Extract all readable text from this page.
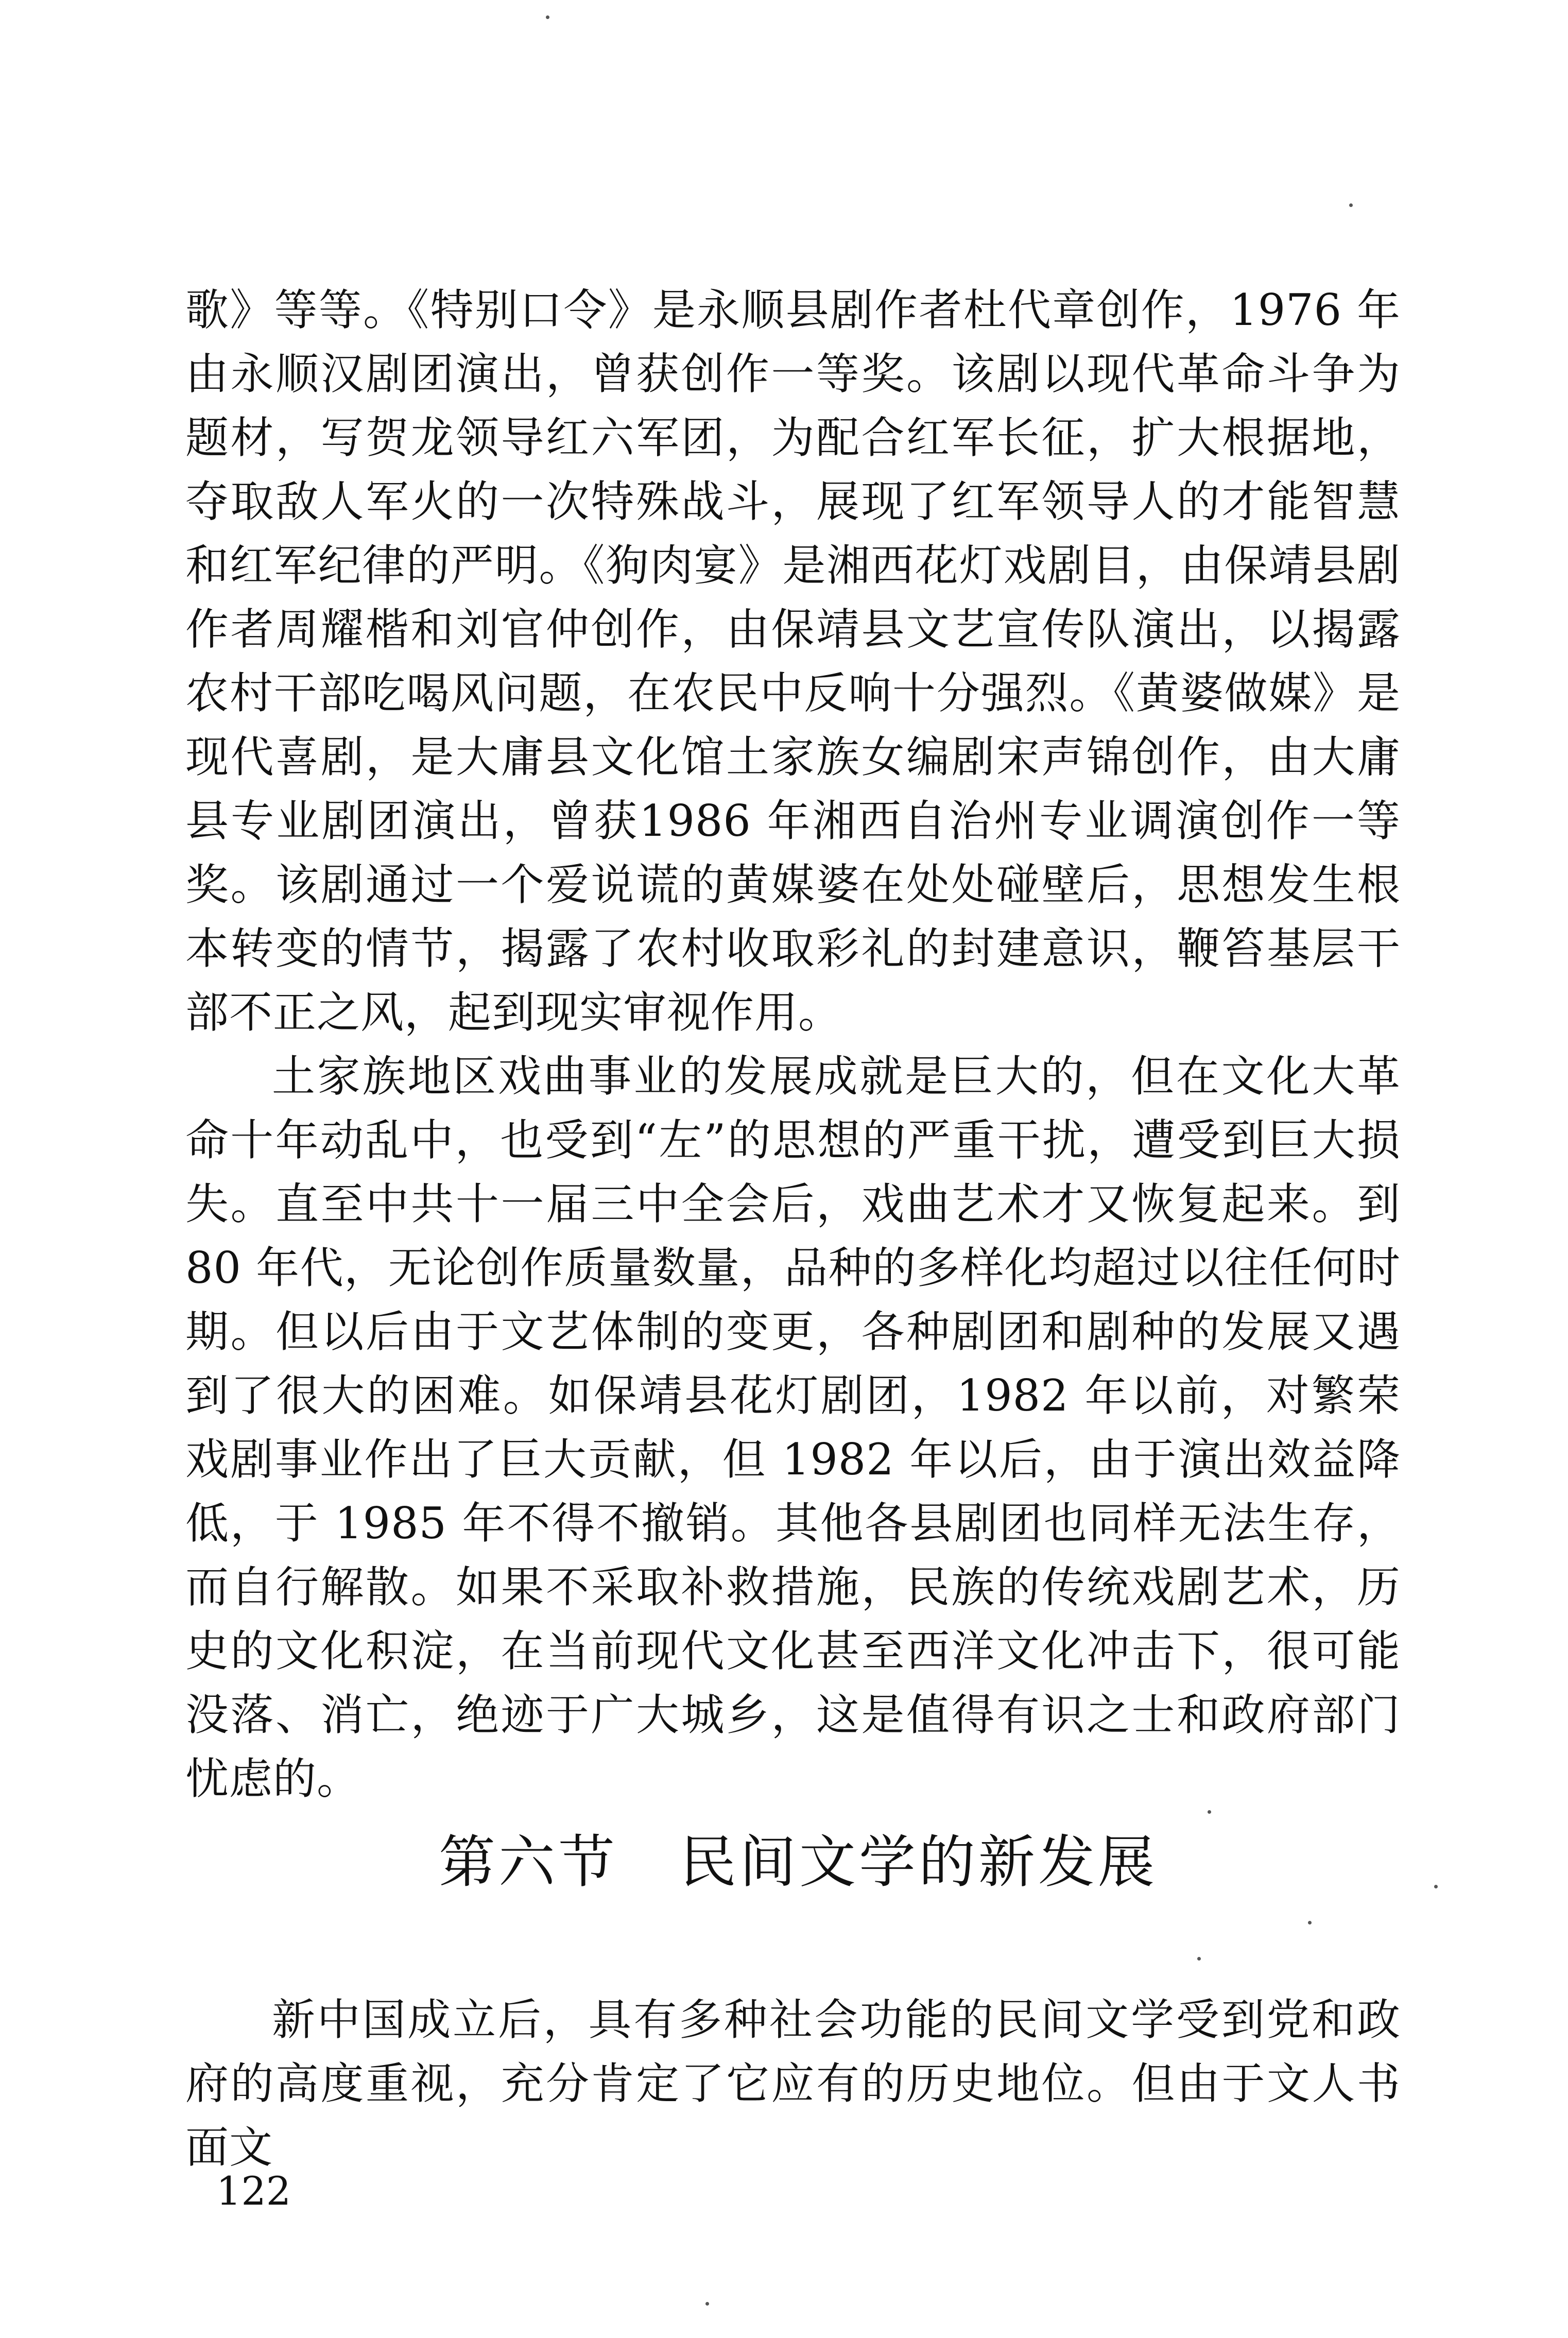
歌》等等。《特别口令》是永顺县剧作者杜代章创作，1976 年由永顺汉剧团演出，曾获创作一等奖。该剧以现代革命斗争为题材，写贺龙领导红六军团，为配合红军长征，扩大根据地，夺取敌人军火的一次特殊战斗，展现了红军领导人的才能智慧和红军纪律的严明。《狗肉宴》是湘西花灯戏剧目，由保靖县剧作者周耀楷和刘官仲创作，由保靖县文艺宣传队演出，以揭露农村干部吃喝风问题，在农民中反响十分强烈。《黄婆做媒》是现代喜剧，是大庸县文化馆土家族女编剧宋声锦创作，由大庸县专业剧团演出，曾获1986 年湘西自治州专业调演创作一等奖。该剧通过一个爱说谎的黄媒婆在处处碰壁后，思想发生根本转变的情节，揭露了农村收取彩礼的封建意识，鞭笞基层干部不正之风，起到现实审视作用。

土家族地区戏曲事业的发展成就是巨大的，但在文化大革命十年动乱中，也受到“左”的思想的严重干扰，遭受到巨大损失。直至中共十一届三中全会后，戏曲艺术才又恢复起来。到 80 年代，无论创作质量数量，品种的多样化均超过以往任何时期。但以后由于文艺体制的变更，各种剧团和剧种的发展又遇到了很大的困难。如保靖县花灯剧团，1982 年以前，对繁荣戏剧事业作出了巨大贡献，但 1982 年以后，由于演出效益降低，于 1985 年不得不撤销。其他各县剧团也同样无法生存，而自行解散。如果不采取补救措施，民族的传统戏剧艺术，历史的文化积淀，在当前现代文化甚至西洋文化冲击下，很可能没落、消亡，绝迹于广大城乡，这是值得有识之士和政府部门忧虑的。

第六节 民间文学的新发展

新中国成立后，具有多种社会功能的民间文学受到党和政府的高度重视，充分肯定了它应有的历史地位。但由于文人书面文

122
